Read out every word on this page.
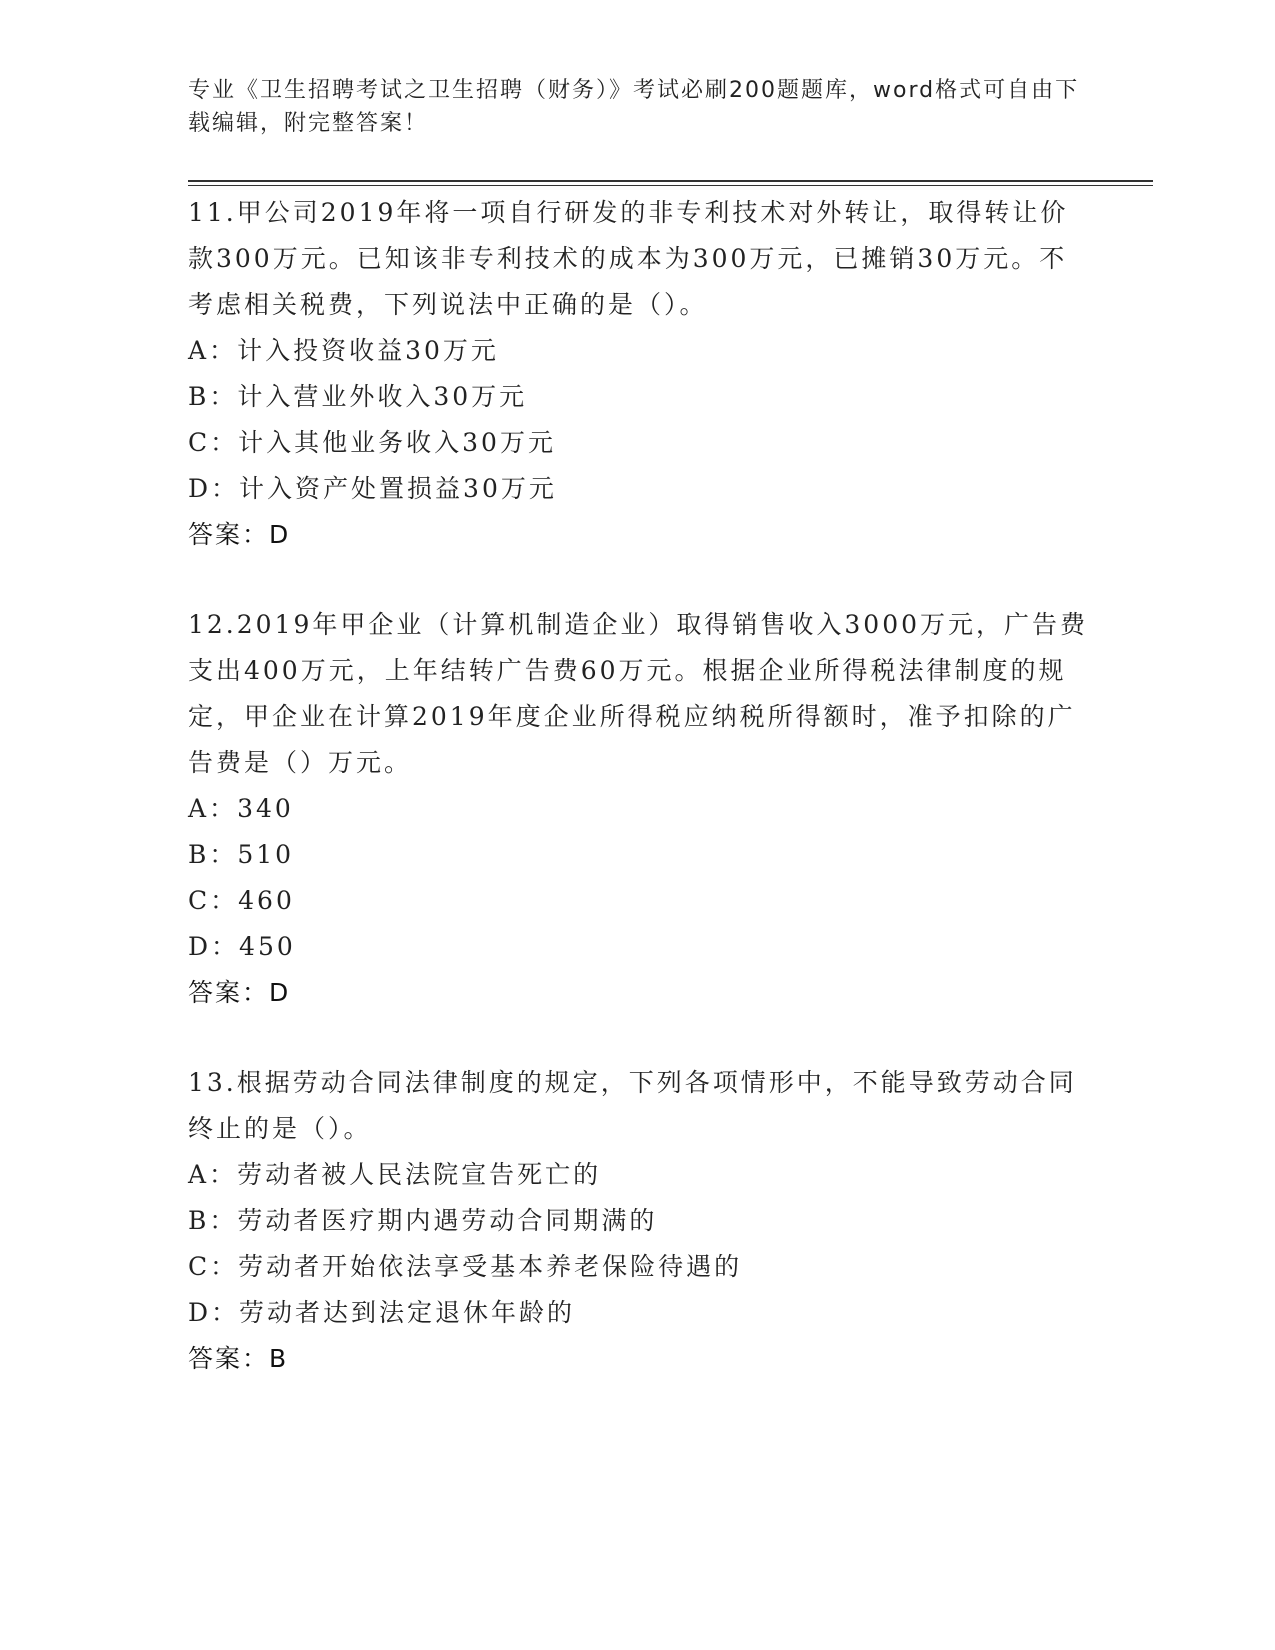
专业《卫生招聘考试之卫生招聘（财务）》考试必刷200题题库，word格式可自由下载编辑，附完整答案！

11.甲公司2019年将一项自行研发的非专利技术对外转让，取得转让价款300万元。已知该非专利技术的成本为300万元，已摊销30万元。不考虑相关税费，下列说法中正确的是（）。

A： 计入投资收益30万元
B： 计入营业外收入30万元
C： 计入其他业务收入30万元
D： 计入资产处置损益30万元
答案： D

12.2019年甲企业（计算机制造企业）取得销售收入3000万元，广告费支出400万元，上年结转广告费60万元。根据企业所得税法律制度的规定，甲企业在计算2019年度企业所得税应纳税所得额时，准予扣除的广告费是（）万元。

A： 340
B： 510
C： 460
D： 450
答案： D

13.根据劳动合同法律制度的规定，下列各项情形中，不能导致劳动合同终止的是（）。

A： 劳动者被人民法院宣告死亡的
B： 劳动者医疗期内遇劳动合同期满的
C： 劳动者开始依法享受基本养老保险待遇的
D： 劳动者达到法定退休年龄的
答案： B
